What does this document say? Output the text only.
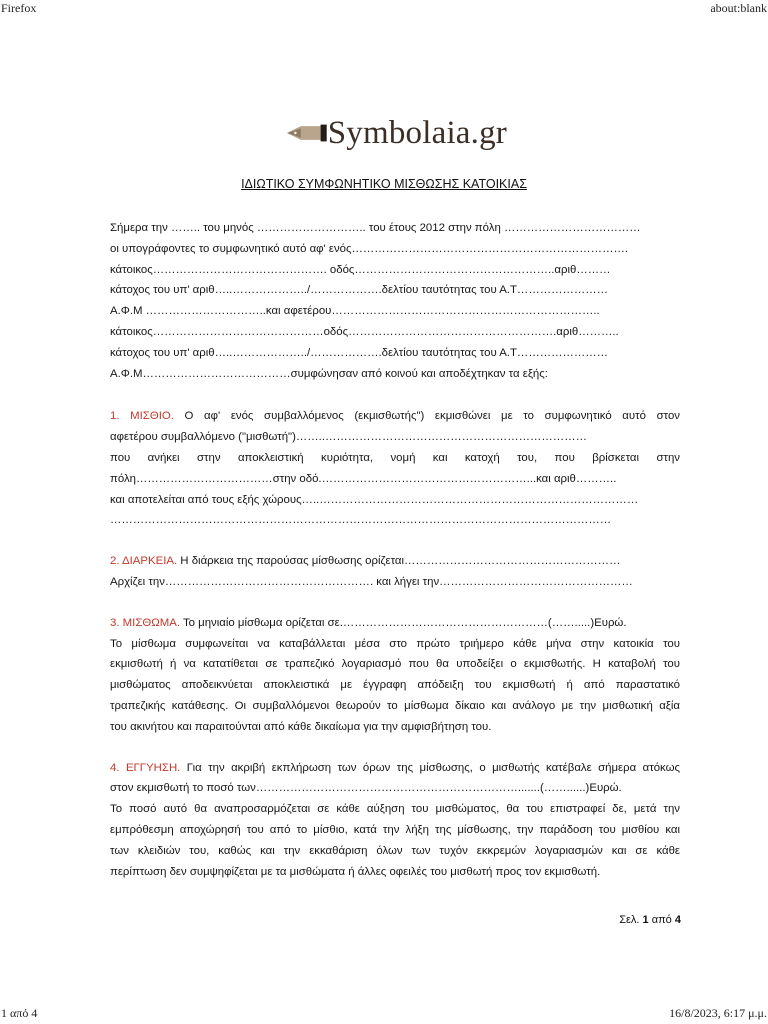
Firefox	about:blank
Symbolaia.gr
ΙΔΙΩΤΙΚΟ ΣΥΜΦΩΝΗΤΙΚΟ ΜΙΣΘΩΣΗΣ ΚΑΤΟΙΚΙΑΣ
Σήμερα την …….. του μηνός ……………………….. του έτους 2012 στην πόλη ………………………………
οι υπογράφοντες το συμφωνητικό αυτό αφ' ενός……………………………………………………………….
κάτοικος………………………………………. οδός……………………………………………..αριθ………
κάτοχος του υπ' αριθ…..………………../……………….δελτίου ταυτότητας του Α.Τ……………………
Α.Φ.Μ …………………………..και αφετέρου……………………………………………………………..
κάτοικος………………………………………οδός……………………………………………….αριθ………..
κάτοχος του υπ' αριθ…..………………../……………….δελτίου ταυτότητας του Α.Τ……………………
Α.Φ.Μ…………………………………συμφώνησαν από κοινού και αποδέχτηκαν τα εξής:
1. ΜΙΣΘΙΟ. Ο αφ' ενός συμβαλλόμενος (εκμισθωτής") εκμισθώνει με το συμφωνητικό αυτό στον
αφετέρου συμβαλλόμενο ("μισθωτή")……..……………………………………………………………
που ανήκει στην αποκλειστική κυριότητα, νομή και κατοχή του, που βρίσκεται στην
πόλη………………………………στην οδό.………………………………………………...και αριθ………..
και αποτελείται από τους εξής χώρους…..…………………………………………………………………………
……………………………………………………………………………………………………………………
2. ΔΙΑΡΚΕΙΑ. Η διάρκεια της παρούσας μίσθωσης ορίζεται…………………………………………………
Αρχίζει την………………………………………………. και λήγει την……………………………………………
3. ΜΙΣΘΩΜΑ. Το μηνιαίο μίσθωμα ορίζεται σε.………………………………………………(…….....)Ευρώ.
Το μίσθωμα συμφωνείται να καταβάλλεται μέσα στο πρώτο τριήμερο κάθε μήνα στην κατοικία του
εκμισθωτή ή να κατατίθεται σε τραπεζικό λογαριασμό που θα υποδείξει ο εκμισθωτής. Η καταβολή του
μισθώματος αποδεικνύεται αποκλειστικά με έγγραφη απόδειξη του εκμισθωτή ή από παραστατικό
τραπεζικής κατάθεσης. Οι συμβαλλόμενοι θεωρούν το μίσθωμα δίκαιο και ανάλογο με την μισθωτική αξία
του ακινήτου και παραιτούνται από κάθε δικαίωμα για την αμφισβήτηση του.
4. ΕΓΓΥΗΣΗ. Για την ακριβή εκπλήρωση των όρων της μίσθωσης, ο μισθωτής κατέβαλε σήμερα ατόκως
στον εκμισθωτή το ποσό των…………………………………………………………….......(……......)Ευρώ.
Το ποσό αυτό θα αναπροσαρμόζεται σε κάθε αύξηση του μισθώματος, θα του επιστραφεί δε, μετά την
εμπρόθεσμη αποχώρησή του από το μίσθιο, κατά την λήξη της μίσθωσης, την παράδοση του μισθίου και
των κλειδιών του, καθώς και την εκκαθάριση όλων των τυχόν εκκρεμών λογαριασμών και σε κάθε
περίπτωση δεν συμψηφίζεται με τα μισθώματα ή άλλες οφειλές του μισθωτή προς τον εκμισθωτή.
Σελ. 1 από 4
1 από 4	16/8/2023, 6:17 μ.μ.
